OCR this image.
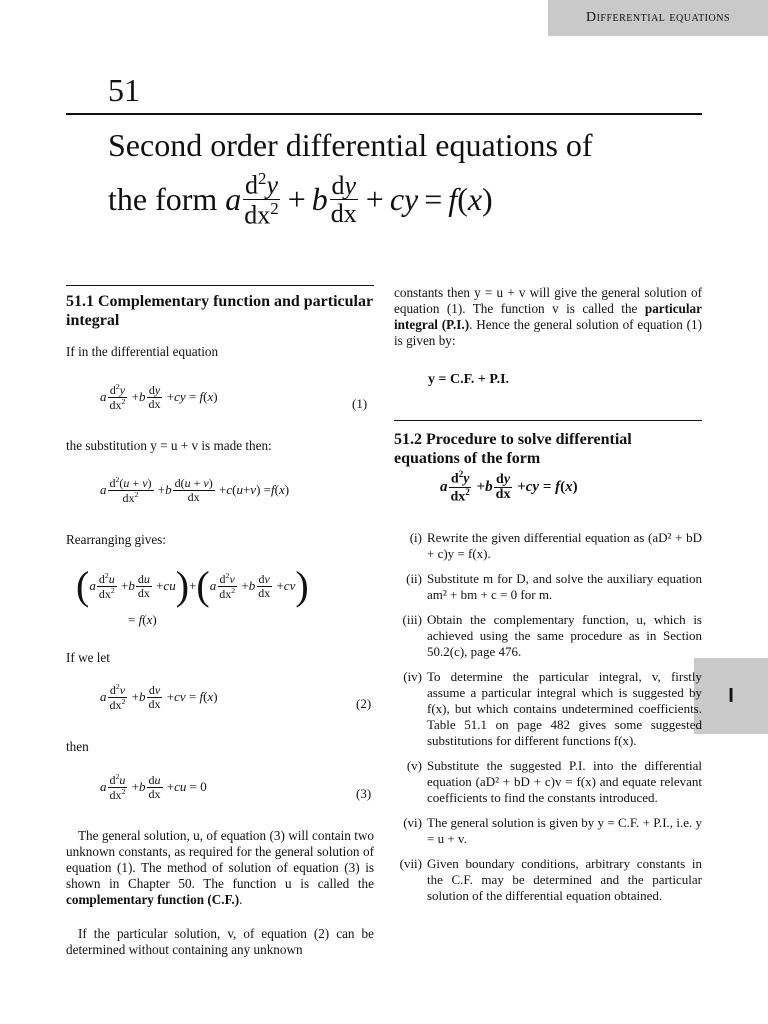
Differential equations
I
51
Second order differential equations of
the form a $\frac{d^2y}{dx^2} + b \frac{dy}{dx}$ + cy = f ( x )
51.1 Complementary function and particular integral
If in the differential equation
a $\frac{d^2y}{dx^2} + b \frac{dy}{dx}$ + cy = f ( x )	(1)
the substitution y = u + v is made then:
a $\frac{d^2(u + v)}{dx^2} + b \frac{d(u + v)}{dx} + c$ ( u + v ) = f ( x )
Rearranging gives:
( a $\frac{d^2u}{dx^2} + b \frac{du}{dx}$ + cu ) + ( a $\frac{d^2v}{dx^2} + b \frac{dv}{dx}$ + cv )
= f ( x )
If we let
a $\frac{d^2v}{dx^2} + b \frac{dv}{dx}$ + cv = f ( x )	(2)
then
a $\frac{d^2u}{dx^2} + b \frac{du}{dx}$ + cu = 0	(3)
The general solution, u, of equation (3) will contain two unknown constants, as required for the general solution of equation (1). The method of solution of equation (3) is shown in Chapter 50. The function u is called the complementary function (C.F.).
If the particular solution, v, of equation (2) can be determined without containing any unknown
constants then y = u + v will give the general solution of equation (1). The function v is called the particular integral (P.I.). Hence the general solution of equation (1) is given by:
y = C.F. + P.I.
51.2 Procedure to solve differential equations of the form
a $\frac{d^2y}{dx^2} + b \frac{dy}{dx}$ + cy = f ( x )
(i) Rewrite the given differential equation as (aD² + bD + c)y = f(x).
(ii) Substitute m for D, and solve the auxiliary equation am² + bm + c = 0 for m.
(iii) Obtain the complementary function, u, which is achieved using the same procedure as in Section 50.2(c), page 476.
(iv) To determine the particular integral, v, firstly assume a particular integral which is suggested by f(x), but which contains undetermined coefficients. Table 51.1 on page 482 gives some suggested substitutions for different functions f(x).
(v) Substitute the suggested P.I. into the differential equation (aD² + bD + c)v = f(x) and equate relevant coefficients to find the constants introduced.
(vi) The general solution is given by y = C.F. + P.I., i.e. y = u + v.
(vii) Given boundary conditions, arbitrary constants in the C.F. may be determined and the particular solution of the differential equation obtained.
